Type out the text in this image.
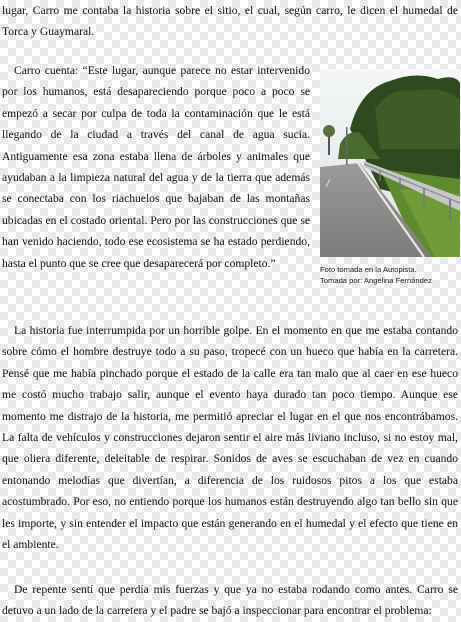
lugar, Carro me contaba la historia sobre el sitio, el cual, según carro, le dicen el humedal de Torca y Guaymaral.

Carro cuenta: “Este lugar, aunque parece no estar intervenido por los humanos, está desapareciendo porque poco a poco se empezó a secar por culpa de toda la contaminación que le está llegando de la ciudad a través del canal de agua sucia. Antiguamente esa zona estaba llena de árboles y animales que ayudaban a la limpieza natural del agua y de la tierra que además se conectaba con los riachuelos que bajaban de las montañas ubicadas en el costado oriental. Pero por las construcciones que se han venido haciendo, todo ese ecosistema se ha estado perdiendo, hasta el punto que se cree que desaparecerá por completo.”	Foto tomada en la Autopista.
Tomada por: Angelina Fernández

La historia fue interrumpida por un horrible golpe. En el momento en que me estaba contando sobre cómo el hombre destruye todo a su paso, tropecé con un hueco que había en la carretera. Pensé que me había pinchado porque el estado de la calle era tan malo que al caer en ese hueco me costó mucho trabajo salir, aunque el evento haya durado tan poco tiempo. Aunque ese momento me distrajo de la historia, me permitió apreciar el lugar en el que nos encontrábamos. La falta de vehículos y construcciones dejaron sentir el aire más liviano incluso, si no estoy mal, que oliera diferente, deleitable de respirar. Sonidos de aves se escuchaban de vez en cuando entonando melodías que divertían, a diferencia de los ruidosos pitos a los que estaba acostumbrado. Por eso, no entiendo porque los humanos están destruyendo algo tan bello sin que les importe, y sin entender el impacto que están generando en el humedal y el efecto que tiene en el ambiente.

De repente sentí que perdía mis fuerzas y que ya no estaba rodando como antes. Carro se detuvo a un lado de la carretera y el padre se bajó a inspeccionar para encontrar el problema:
